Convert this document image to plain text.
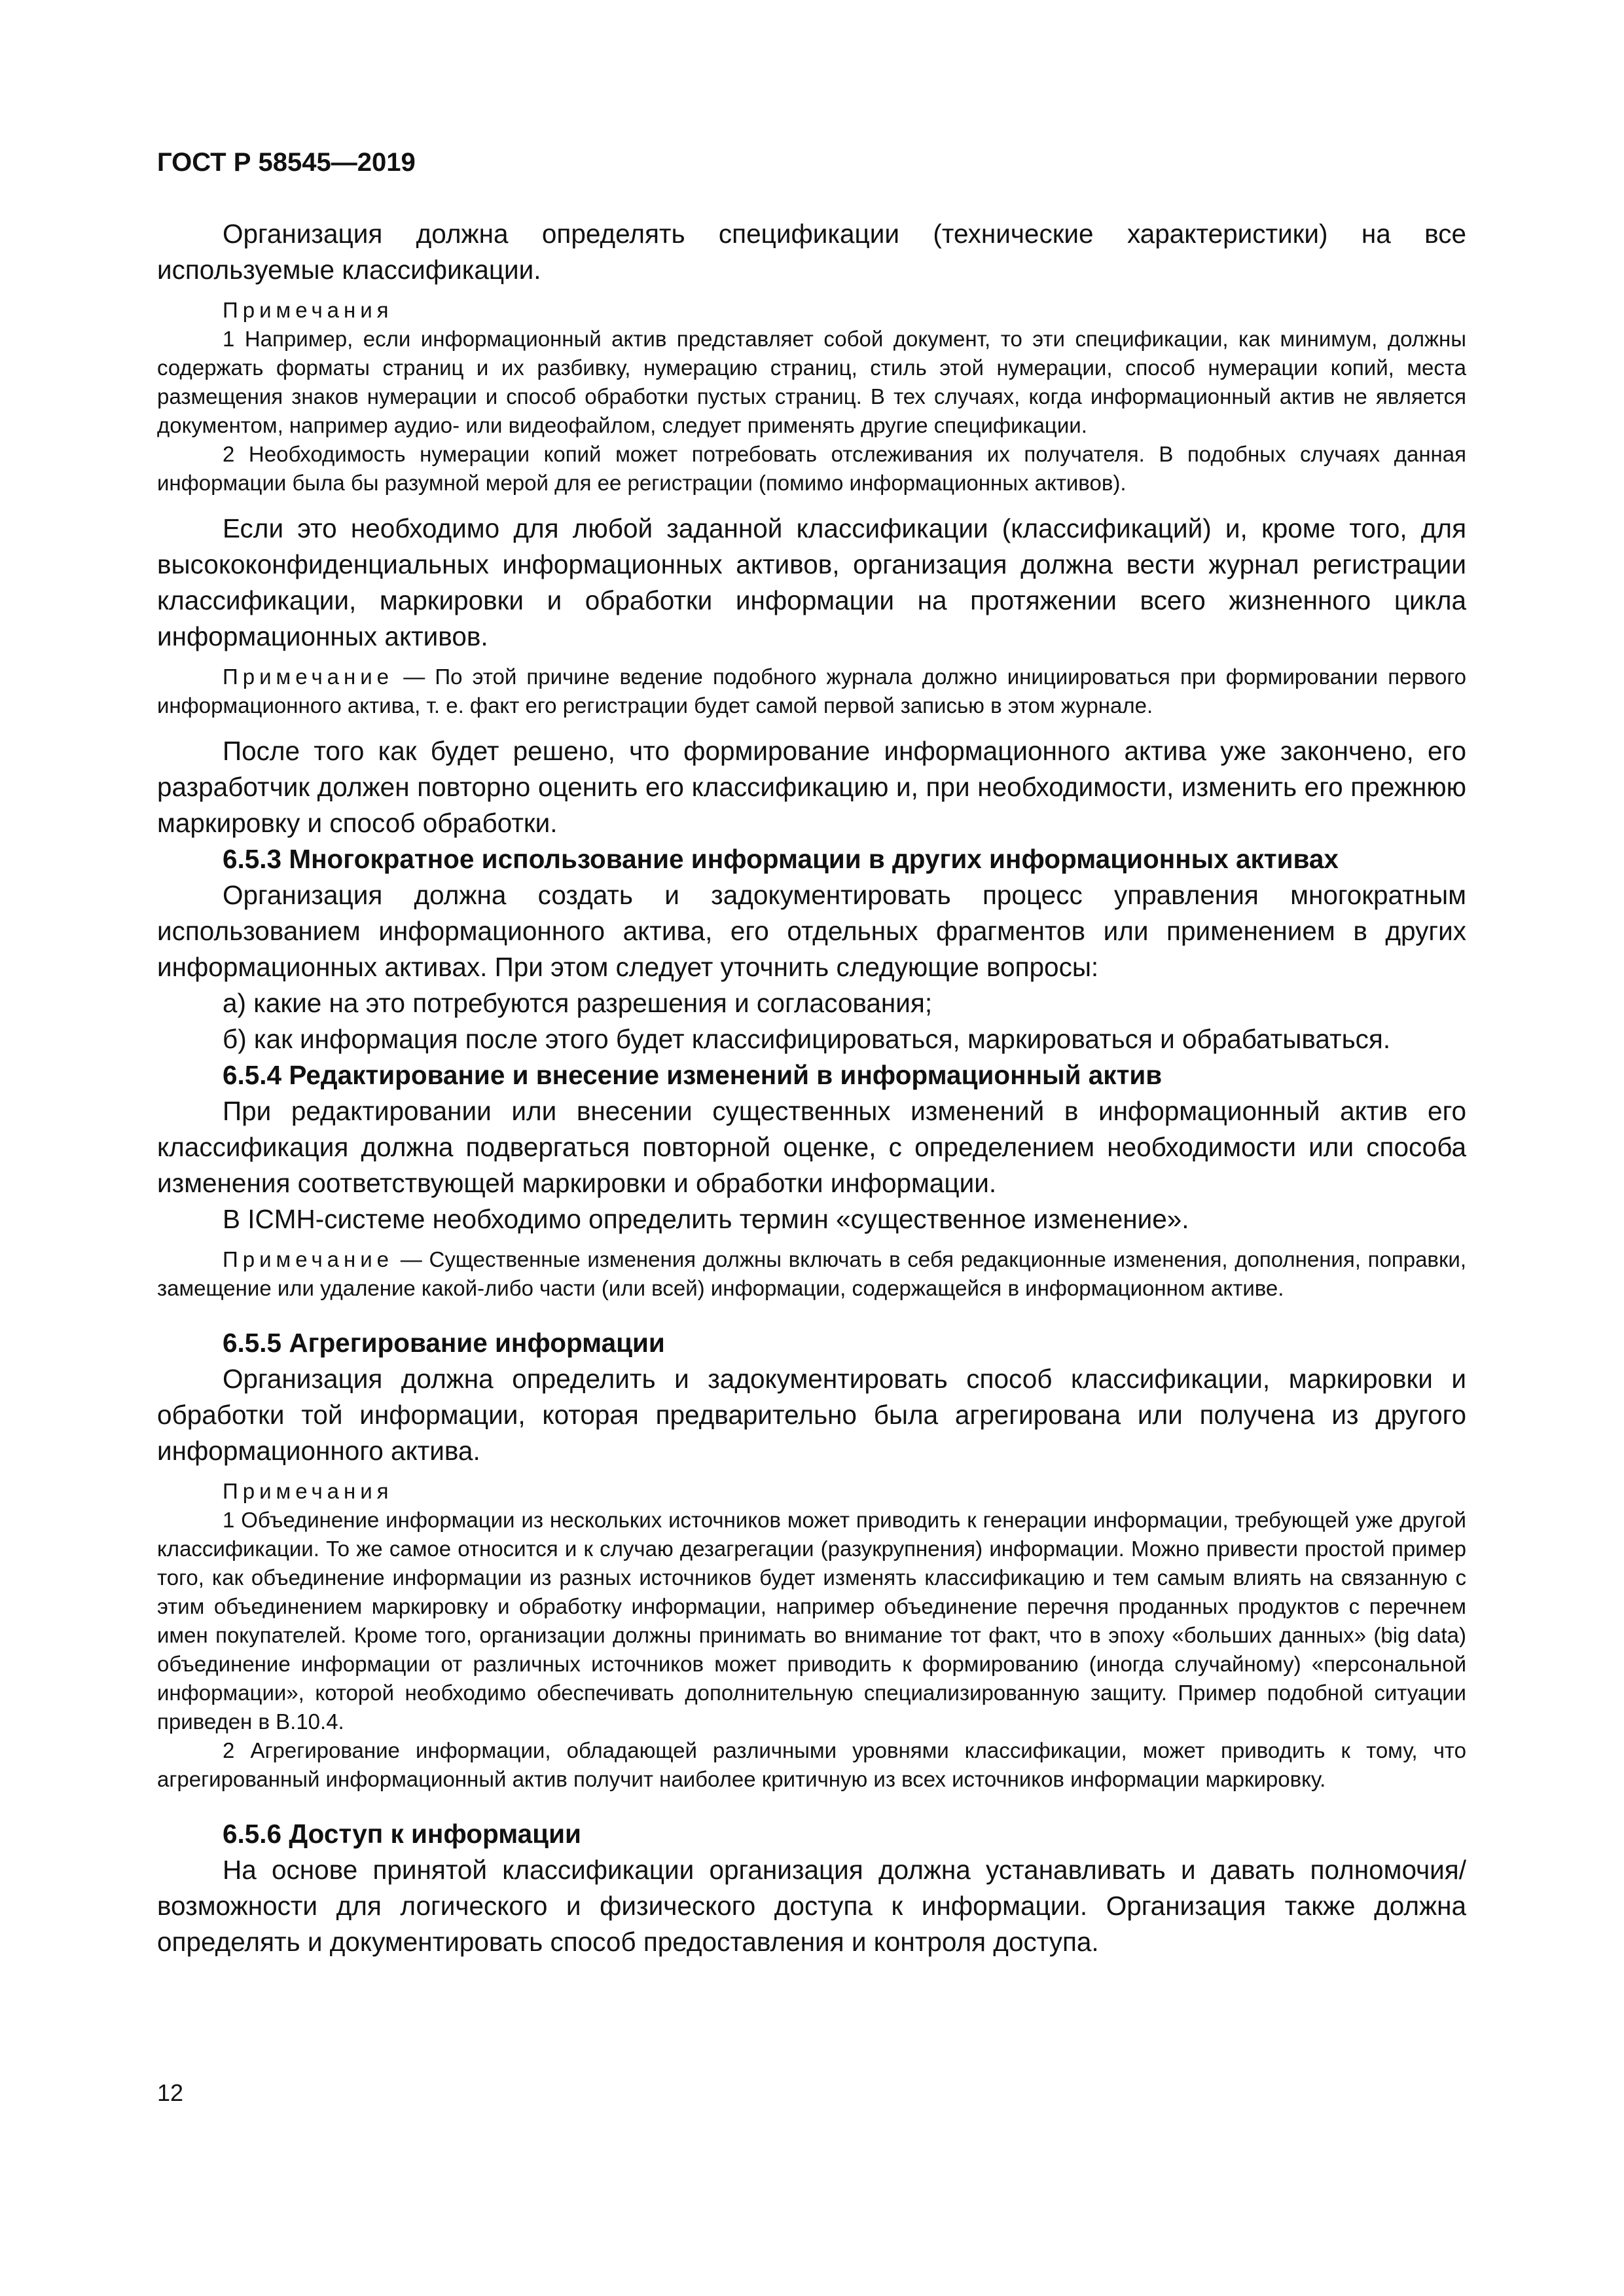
ГОСТ Р 58545—2019

Организация должна определять спецификации (технические характеристики) на все используемые классификации.

Примечания

1 Например, если информационный актив представляет собой документ, то эти спецификации, как минимум, должны содержать форматы страниц и их разбивку, нумерацию страниц, стиль этой нумерации, способ нумерации копий, места размещения знаков нумерации и способ обработки пустых страниц. В тех случаях, когда информационный актив не является документом, например аудио- или видеофайлом, следует применять другие спецификации.

2 Необходимость нумерации копий может потребовать отслеживания их получателя. В подобных случаях данная информации была бы разумной мерой для ее регистрации (помимо информационных активов).

Если это необходимо для любой заданной классификации (классификаций) и, кроме того, для высококонфиденциальных информационных активов, организация должна вести журнал регистрации классификации, маркировки и обработки информации на протяжении всего жизненного цикла информационных активов.

Примечание — По этой причине ведение подобного журнала должно инициироваться при формировании первого информационного актива, т. е. факт его регистрации будет самой первой записью в этом журнале.

После того как будет решено, что формирование информационного актива уже закончено, его разработчик должен повторно оценить его классификацию и, при необходимости, изменить его прежнюю маркировку и способ обработки.

6.5.3 Многократное использование информации в других информационных активах

Организация должна создать и задокументировать процесс управления многократным использованием информационного актива, его отдельных фрагментов или применением в других информационных активах. При этом следует уточнить следующие вопросы:

а) какие на это потребуются разрешения и согласования;

б) как информация после этого будет классифицироваться, маркироваться и обрабатываться.

6.5.4 Редактирование и внесение изменений в информационный актив

При редактировании или внесении существенных изменений в информационный актив его классификация должна подвергаться повторной оценке, с определением необходимости или способа изменения соответствующей маркировки и обработки информации.

В ICMH-системе необходимо определить термин «существенное изменение».

Примечание — Существенные изменения должны включать в себя редакционные изменения, дополнения, поправки, замещение или удаление какой-либо части (или всей) информации, содержащейся в информационном активе.

6.5.5 Агрегирование информации

Организация должна определить и задокументировать способ классификации, маркировки и обработки той информации, которая предварительно была агрегирована или получена из другого информационного актива.

Примечания

1 Объединение информации из нескольких источников может приводить к генерации информации, требующей уже другой классификации. То же самое относится и к случаю дезагрегации (разукрупнения) информации. Можно привести простой пример того, как объединение информации из разных источников будет изменять классификацию и тем самым влиять на связанную с этим объединением маркировку и обработку информации, например объединение перечня проданных продуктов с перечнем имен покупателей. Кроме того, организации должны принимать во внимание тот факт, что в эпоху «больших данных» (big data) объединение информации от различных источников может приводить к формированию (иногда случайному) «персональной информации», которой необходимо обеспечивать дополнительную специализированную защиту. Пример подобной ситуации приведен в В.10.4.

2 Агрегирование информации, обладающей различными уровнями классификации, может приводить к тому, что агрегированный информационный актив получит наиболее критичную из всех источников информации маркировку.

6.5.6 Доступ к информации

На основе принятой классификации организация должна устанавливать и давать полномочия/возможности для логического и физического доступа к информации. Организация также должна определять и документировать способ предоставления и контроля доступа.

12
